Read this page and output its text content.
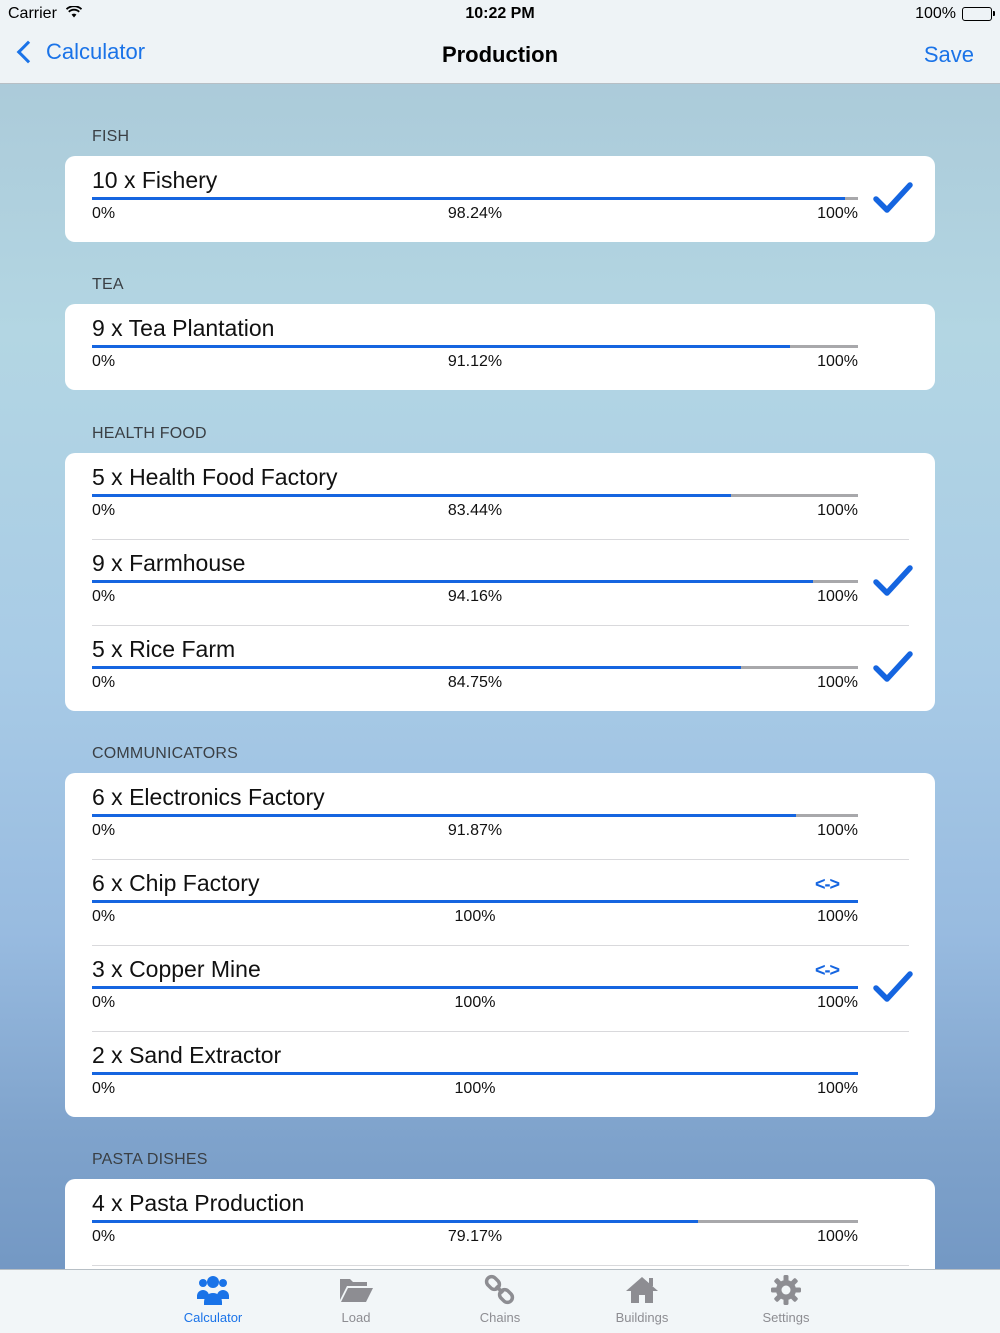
Carrier	10:22 PM	100%
Calculator	Production	Save
FISH
10 x Fishery
0%	98.24%	100%
TEA
9 x Tea Plantation
0%	91.12%	100%
HEALTH FOOD
5 x Health Food Factory
0%	83.44%	100%
9 x Farmhouse
0%	94.16%	100%
5 x Rice Farm
0%	84.75%	100%
COMMUNICATORS
6 x Electronics Factory
0%	91.87%	100%
6 x Chip Factory
0%	100%	100%
<->
3 x Copper Mine
0%	100%	100%
<->
2 x Sand Extractor
0%	100%	100%
PASTA DISHES
4 x Pasta Production
0%	79.17%	100%
Calculator	Load	Chains	Buildings	Settings
